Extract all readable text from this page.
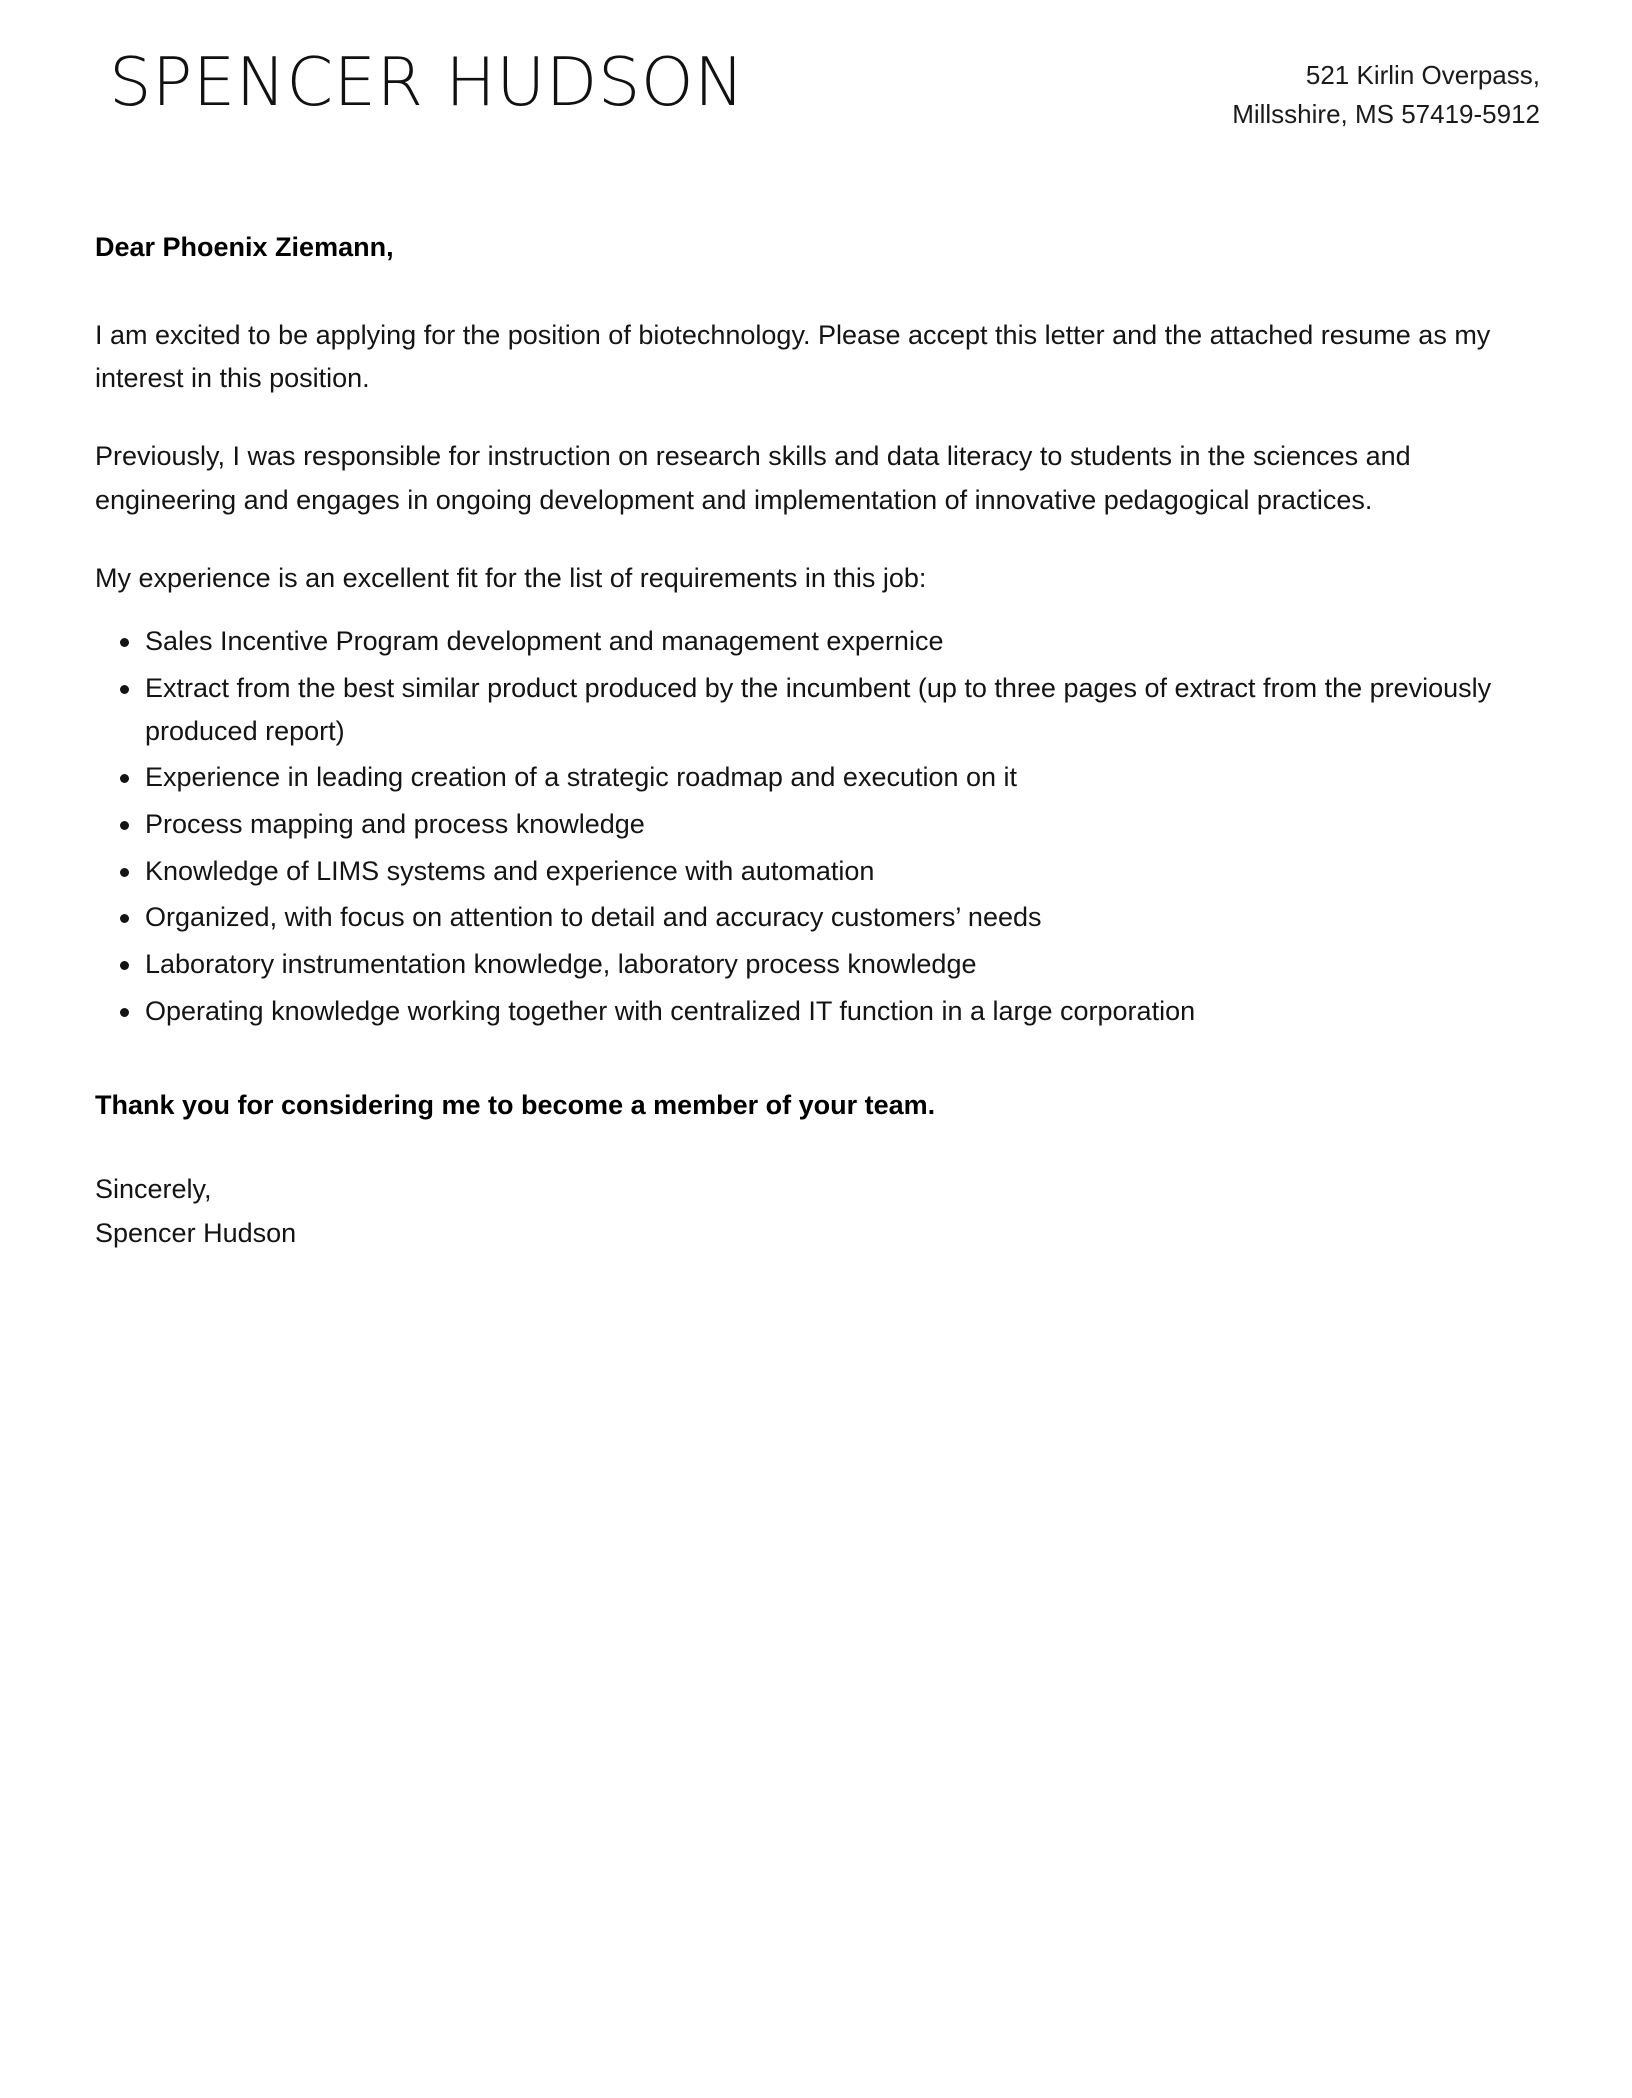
SPENCER HUDSON	521 Kirlin Overpass,
Millsshire, MS 57419-5912

Dear Phoenix Ziemann,

I am excited to be applying for the position of biotechnology. Please accept this letter and the attached resume as my interest in this position.

Previously, I was responsible for instruction on research skills and data literacy to students in the sciences and engineering and engages in ongoing development and implementation of innovative pedagogical practices.

My experience is an excellent fit for the list of requirements in this job:

Sales Incentive Program development and management expernice
Extract from the best similar product produced by the incumbent (up to three pages of extract from the previously produced report)
Experience in leading creation of a strategic roadmap and execution on it
Process mapping and process knowledge
Knowledge of LIMS systems and experience with automation
Organized, with focus on attention to detail and accuracy customers’ needs
Laboratory instrumentation knowledge, laboratory process knowledge
Operating knowledge working together with centralized IT function in a large corporation

Thank you for considering me to become a member of your team.

Sincerely,
Spencer Hudson
